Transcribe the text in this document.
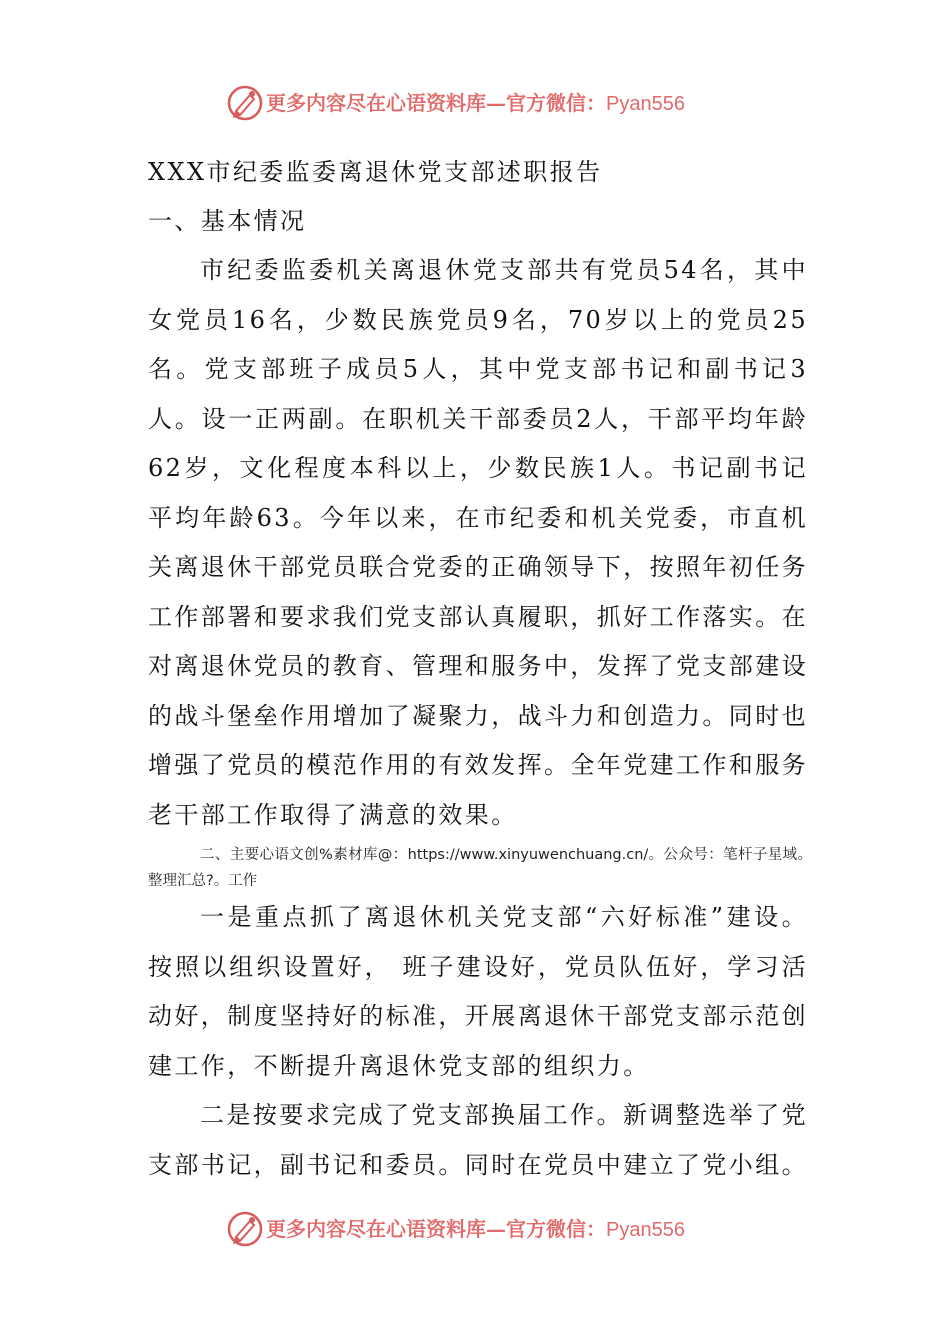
更多内容尽在心语资料库—官方微信：Pyan556

XXX市纪委监委离退休党支部述职报告

一、基本情况

市纪委监委机关离退休党支部共有党员54名，其中女党员16名，少数民族党员9名，70岁以上的党员25名。党支部班子成员5人，其中党支部书记和副书记3人。设一正两副。在职机关干部委员2人，干部平均年龄62岁，文化程度本科以上，少数民族1人。书记副书记平均年龄63。今年以来，在市纪委和机关党委，市直机关离退休干部党员联合党委的正确领导下，按照年初任务工作部署和要求我们党支部认真履职，抓好工作落实。在对离退休党员的教育、管理和服务中，发挥了党支部建设的战斗堡垒作用增加了凝聚力，战斗力和创造力。同时也增强了党员的模范作用的有效发挥。全年党建工作和服务老干部工作取得了满意的效果。

二、主要心语文创%素材库@：https://www.xinyuwenchuang.cn/。公众号：笔杆子星域。整理汇总?。工作

一是重点抓了离退休机关党支部“六好标准”建设。按照以组织设置好， 班子建设好，党员队伍好，学习活动好，制度坚持好的标准，开展离退休干部党支部示范创建工作，不断提升离退休党支部的组织力。

二是按要求完成了党支部换届工作。新调整选举了党支部书记，副书记和委员。同时在党员中建立了党小组。

更多内容尽在心语资料库—官方微信：Pyan556
